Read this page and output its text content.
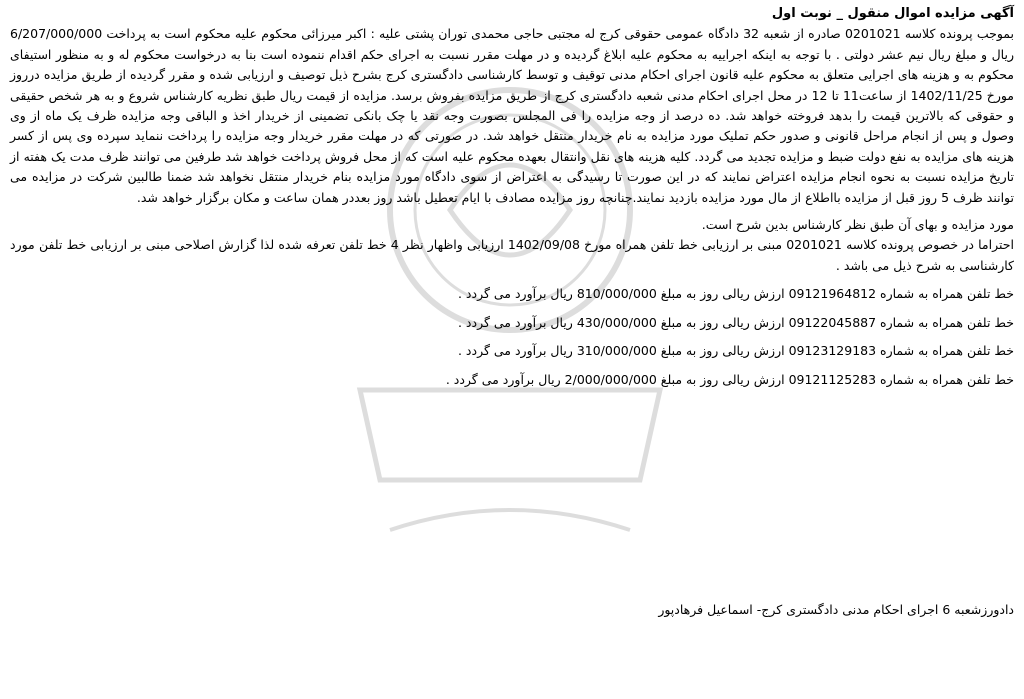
آگهی مزایده اموال منقول _ نوبت اول

بموجب پرونده کلاسه 0201021 صادره از شعبه 32 دادگاه عمومی حقوقی کرج له مجتبی حاجی محمدی توران پشتی علیه : اکبر میرزائی محکوم علیه محکوم است به پرداخت 6/207/000/000 ریال و مبلغ ریال نیم عشر دولتی . با توجه به اینکه اجراییه به محکوم علیه ابلاغ گردیده و در مهلت مقرر نسبت به اجرای حکم اقدام ننموده است بنا به درخواست محکوم له و به منظور استیفای محکوم به و هزینه های اجرایی متعلق به محکوم علیه قانون اجرای احکام مدنی توقیف و توسط کارشناسی دادگستری کرج بشرح ذیل توصیف و ارزیابی شده و مقرر گردیده از طریق مزایده درروز مورخ 1402/11/25 از ساعت11 تا 12 در محل اجرای احکام مدنی شعبه دادگستری کرج از طریق مزایده بفروش برسد. مزایده از قیمت ریال طبق نظریه کارشناس شروع و به هر شخص حقیقی و حقوقی که بالاترین قیمت را بدهد فروخته خواهد شد. ده درصد از وجه مزایده را فی المجلس بصورت وجه نقد یا چک بانکی تضمینی از خریدار اخذ و الباقی وجه مزایده ظرف یک ماه از وی وصول و پس از انجام مراحل قانونی و صدور حکم تملیک مورد مزایده به نام خریدار منتقل خواهد شد. در صورتی که در مهلت مقرر خریدار وجه مزایده را پرداخت ننماید سپرده وی پس از کسر هزینه های مزایده به نفع دولت ضبط و مزایده تجدید می گردد. کلیه هزینه های نقل وانتقال بعهده محکوم علیه است که از محل فروش پرداخت خواهد شد طرفین می توانند ظرف مدت یک هفته از تاریخ مزایده نسبت به نحوه انجام مزایده اعتراض نمایند که در این صورت تا رسیدگی به اعتراض از سوی دادگاه مورد مزایده بنام خریدار منتقل نخواهد شد ضمنا طالبین شرکت در مزایده می توانند ظرف 5 روز قبل از مزایده بااطلاع از مال مورد مزایده بازدید نمایند.چنانچه روز مزایده مصادف با ایام تعطیل باشد روز بعددر همان ساعت و مکان برگزار خواهد شد.

مورد مزایده و بهای آن طبق نظر کارشناس بدین شرح است.

احتراما در خصوص پرونده کلاسه 0201021 مبنی بر ارزیابی خط تلفن همراه مورخ 1402/09/08 ارزیابی واظهار نظر 4 خط تلفن تعرفه شده لذا گزارش اصلاحی مبنی بر ارزیابی خط تلفن مورد کارشناسی به شرح ذیل می باشد .

خط تلفن همراه به شماره 09121964812 ارزش ریالی روز به مبلغ 810/000/000 ریال برآورد می گردد .

خط تلفن همراه به شماره 09122045887 ارزش ریالی روز به مبلغ 430/000/000 ریال برآورد می گردد .

خط تلفن همراه به شماره 09123129183 ارزش ریالی روز به مبلغ 310/000/000 ریال برآورد می گردد .

خط تلفن همراه به شماره 09121125283 ارزش ریالی روز به مبلغ 2/000/000/000 ریال برآورد می گردد .

دادورزشعبه 6 اجرای احکام مدنی دادگستری کرج- اسماعیل فرهادپور
